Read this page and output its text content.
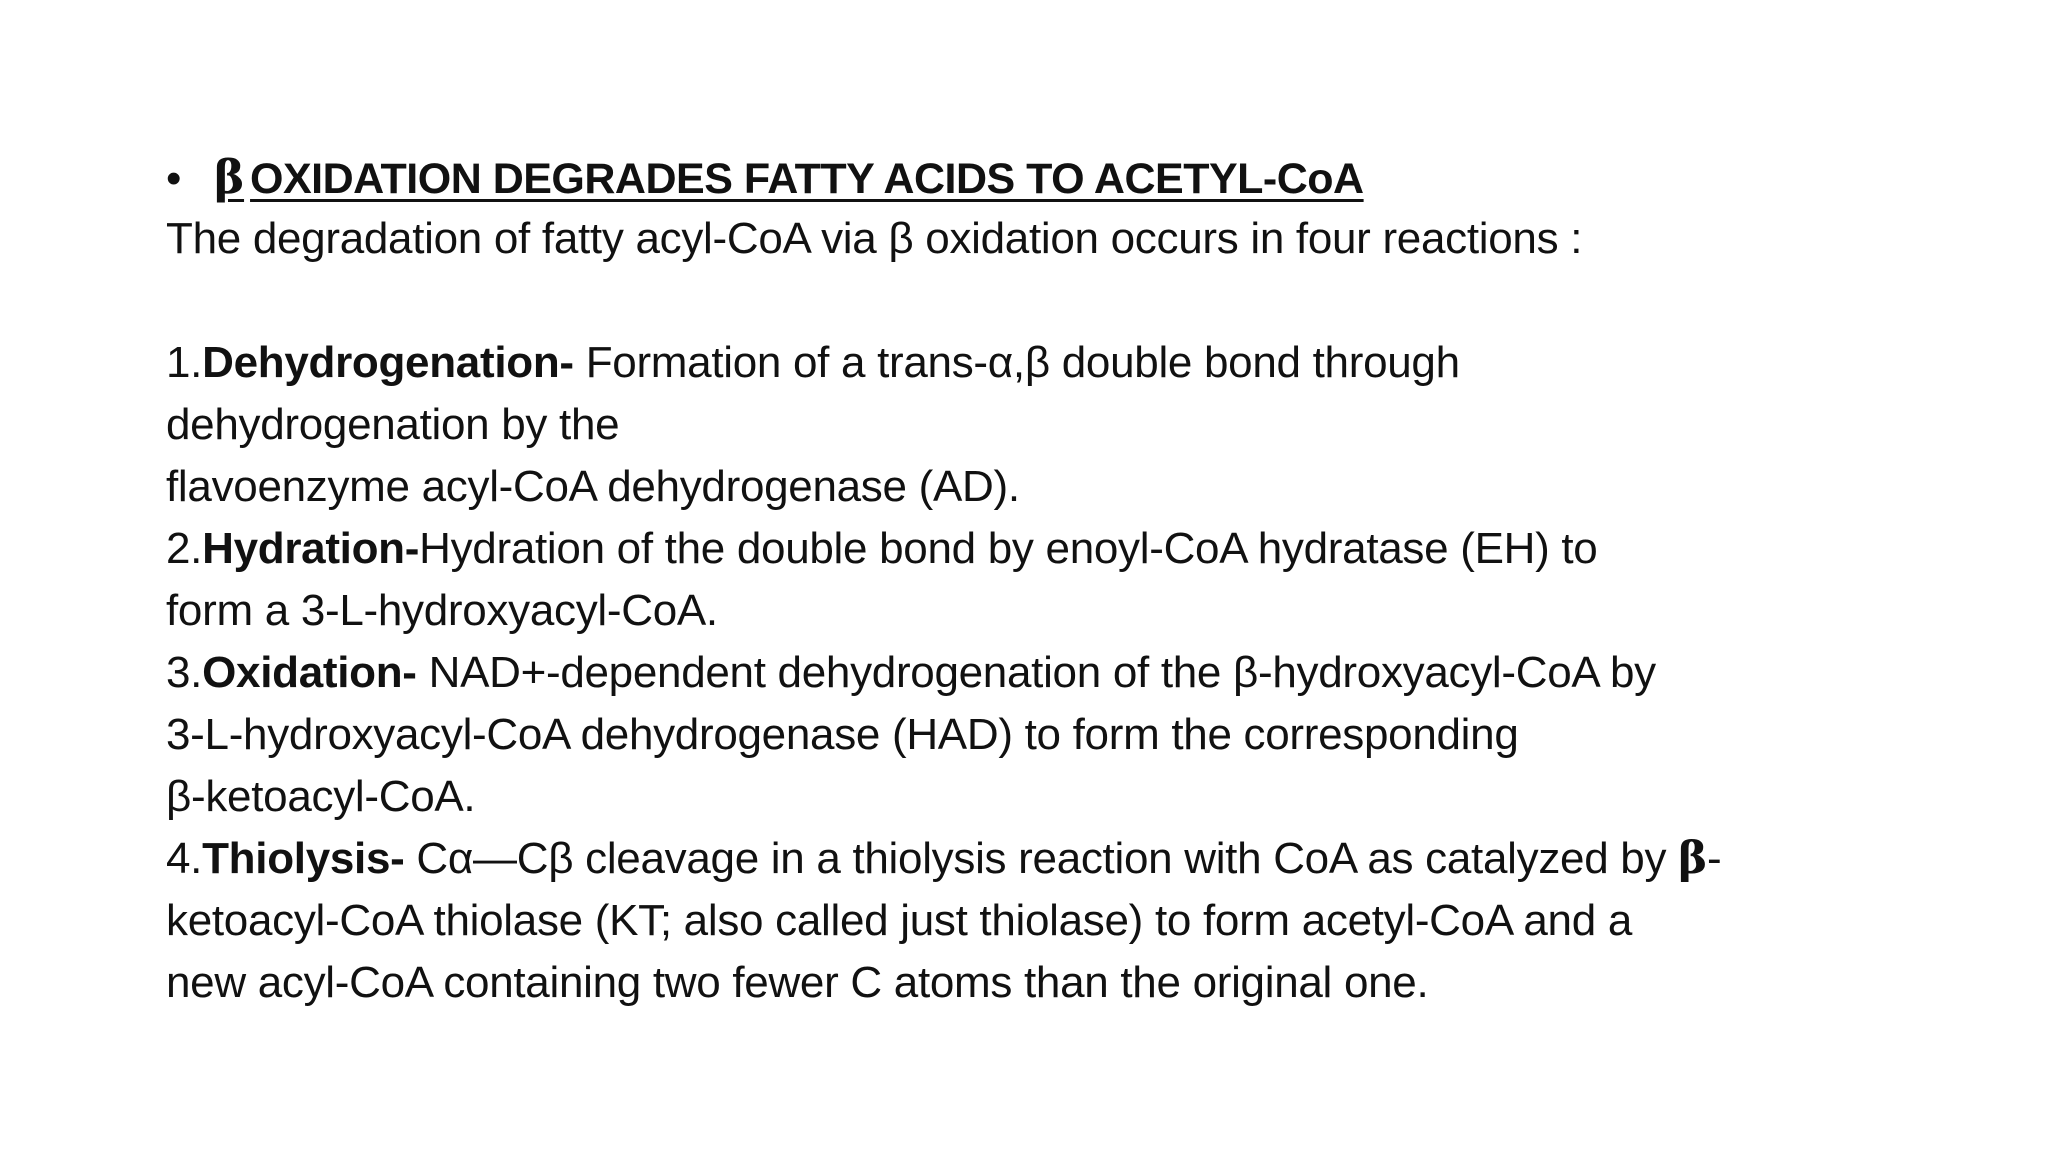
• β OXIDATION DEGRADES FATTY ACIDS TO ACETYL-CoA
The degradation of fatty acyl-CoA via β oxidation occurs in four reactions :
1.Dehydrogenation- Formation of a trans-α,β double bond through
dehydrogenation by the
flavoenzyme acyl-CoA dehydrogenase (AD).
2.Hydration-Hydration of the double bond by enoyl-CoA hydratase (EH) to
form a 3-L-hydroxyacyl-CoA.
3.Oxidation- NAD+-dependent dehydrogenation of the β-hydroxyacyl-CoA by
3-L-hydroxyacyl-CoA dehydrogenase (HAD) to form the corresponding
β-ketoacyl-CoA.
4.Thiolysis- Cα—Cβ cleavage in a thiolysis reaction with CoA as catalyzed by β-
ketoacyl-CoA thiolase (KT; also called just thiolase) to form acetyl-CoA and a
new acyl-CoA containing two fewer C atoms than the original one.
